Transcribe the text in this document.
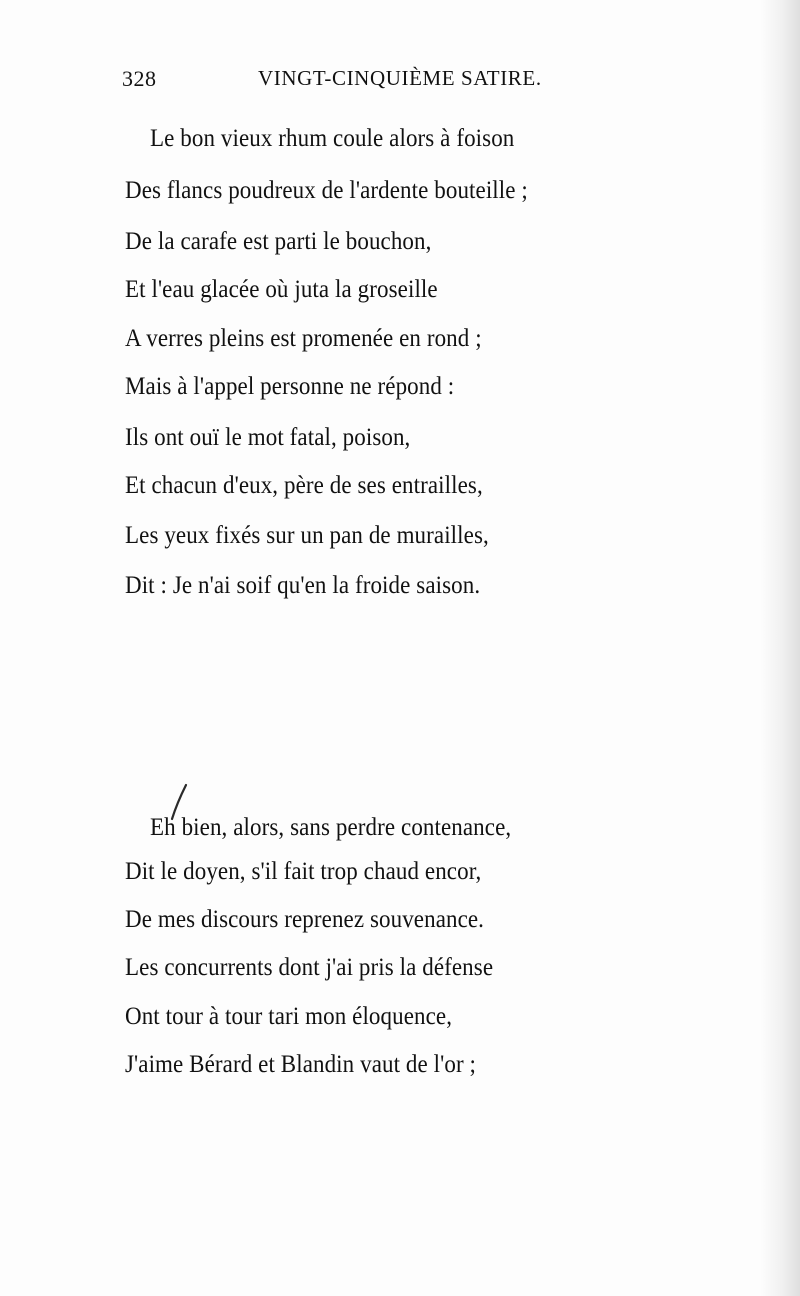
328	VINGT-CINQUIÈME SATIRE.
Le bon vieux rhum coule alors à foison
Des flancs poudreux de l'ardente bouteille ;
De la carafe est parti le bouchon,
Et l'eau glacée où juta la groseille
A verres pleins est promenée en rond ;
Mais à l'appel personne ne répond :
Ils ont ouï le mot fatal, poison,
Et chacun d'eux, père de ses entrailles,
Les yeux fixés sur un pan de murailles,
Dit : Je n'ai soif qu'en la froide saison.
Eh bien, alors, sans perdre contenance,
Dit le doyen, s'il fait trop chaud encor,
De mes discours reprenez souvenance.
Les concurrents dont j'ai pris la défense
Ont tour à tour tari mon éloquence,
J'aime Bérard et Blandin vaut de l'or ;
